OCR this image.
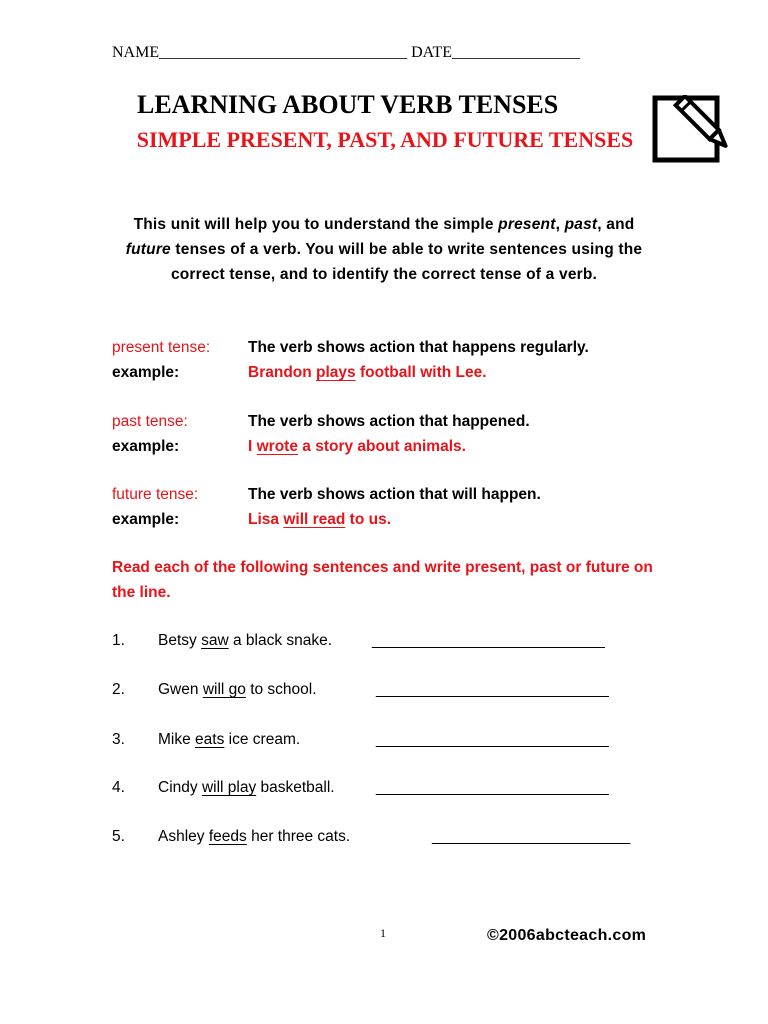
NAME_______________________________ DATE________________
LEARNING ABOUT VERB TENSES
SIMPLE PRESENT, PAST, AND FUTURE TENSES
This unit will help you to understand the simple present, past, and future tenses of a verb. You will be able to write sentences using the correct tense, and to identify the correct tense of a verb.
present tense: The verb shows action that happens regularly.
example:	Brandon plays football with Lee.
past tense:	The verb shows action that happened.
example:	I wrote a story about animals.
future tense:	The verb shows action that will happen.
example:	Lisa will read to us.
Read each of the following sentences and write present, past or future on the line.
1. Betsy saw a black snake.	___________________________
2. Gwen will go to school.	___________________________
3. Mike eats ice cream.	___________________________
4. Cindy will play basketball.	___________________________
5. Ashley feeds her three cats.	_______________________
1	©2006abcteach.com
